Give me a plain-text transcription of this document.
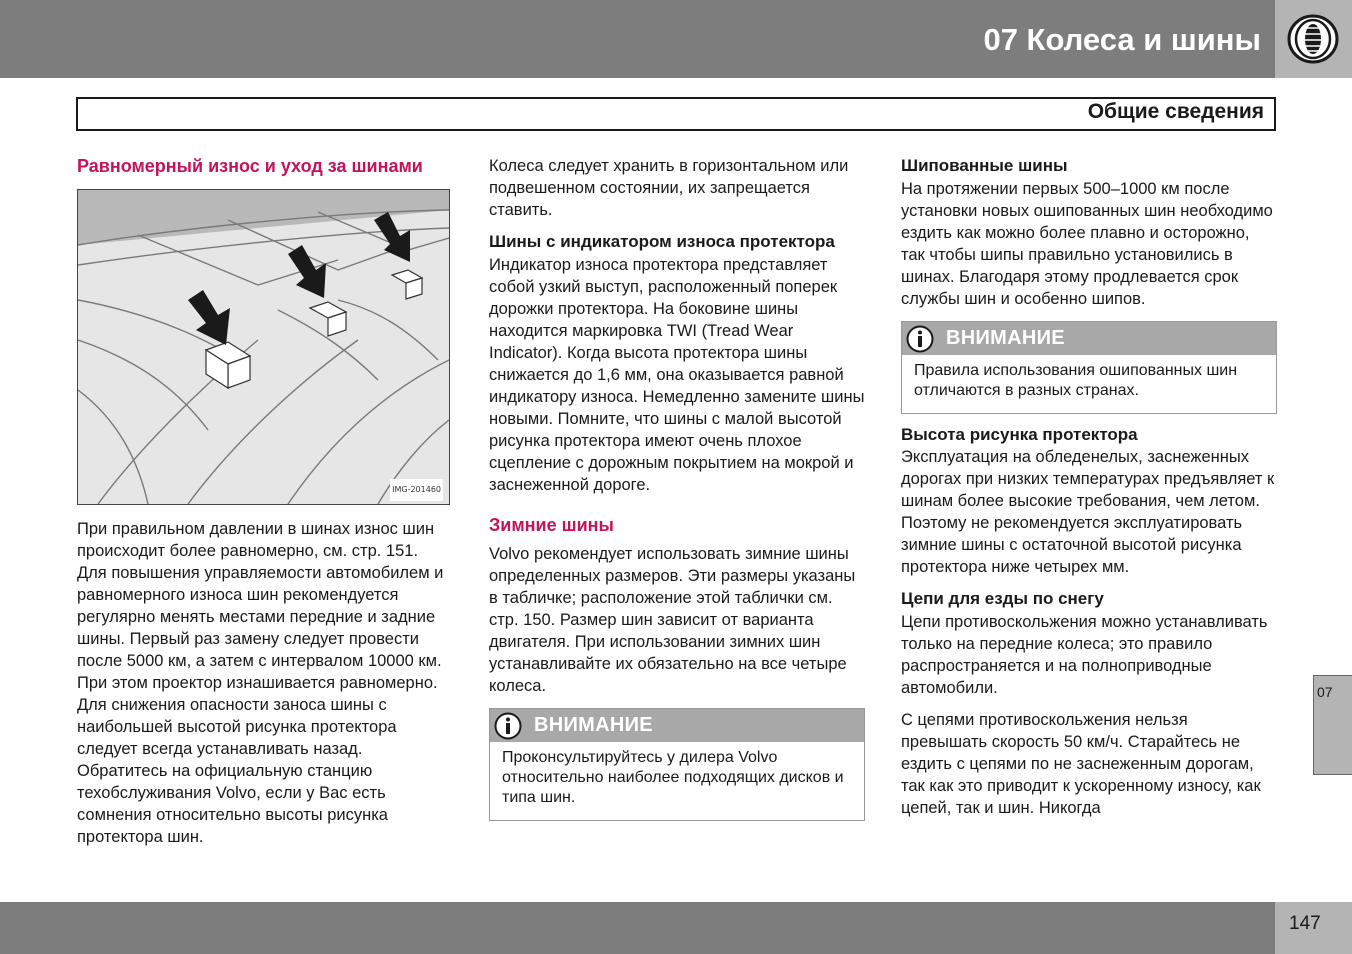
07 Колеса и шины
Общие сведения
Равномерный износ и уход за шинами
IMG-201460

При правильном давлении в шинах износ шин происходит более равномерно, см. стр. 151. Для повышения управляемости автомобилем и равномерного износа шин рекомендуется регулярно менять местами передние и задние шины. Первый раз замену следует провести после 5000 км, а затем с интервалом 10000 км. При этом проектор изнашивается равномерно. Для снижения опасности заноса шины с наибольшей высотой рисунка протектора следует всегда устанавливать назад. Обратитесь на официальную станцию техобслуживания Volvo, если у Вас есть сомнения относительно высоты рисунка протектора шин.

Колеса следует хранить в горизонтальном или подвешенном состоянии, их запрещается ставить.

Шины с индикатором износа протектора

Индикатор износа протектора представляет собой узкий выступ, расположенный поперек дорожки протектора. На боковине шины находится маркировка TWI (Tread Wear Indicator). Когда высота протектора шины снижается до 1,6 мм, она оказывается равной индикатору износа. Немедленно замените шины новыми. Помните, что шины с малой высотой рисунка протектора имеют очень плохое сцепление с дорожным покрытием на мокрой и заснеженной дороге.

Зимние шины

Volvo рекомендует использовать зимние шины определенных размеров. Эти размеры указаны в табличке; расположение этой таблички см. стр. 150. Размер шин зависит от варианта двигателя. При использовании зимних шин устанавливайте их обязательно на все четыре колеса.

ВНИМАНИЕ
Проконсультируйтесь у дилера Volvo относительно наиболее подходящих дисков и типа шин.
Шипованные шины

На протяжении первых 500–1000 км после установки новых ошипованных шин необходимо ездить как можно более плавно и осторожно, так чтобы шипы правильно установились в шинах. Благодаря этому продлевается срок службы шин и особенно шипов.

ВНИМАНИЕ
Правила использования ошипованных шин отличаются в разных странах.
Высота рисунка протектора

Эксплуатация на обледенелых, заснеженных дорогах при низких температурах предъявляет к шинам более высокие требования, чем летом. Поэтому не рекомендуется эксплуатировать зимние шины с остаточной высотой рисунка протектора ниже четырех мм.

Цепи для езды по снегу

Цепи противоскольжения можно устанавливать только на передние колеса; это правило распространяется и на полноприводные автомобили.

С цепями противоскольжения нельзя превышать скорость 50 км/ч. Старайтесь не ездить с цепями по не заснеженным дорогам, так как это приводит к ускоренному износу, как цепей, так и шин. Никогда

07
147
